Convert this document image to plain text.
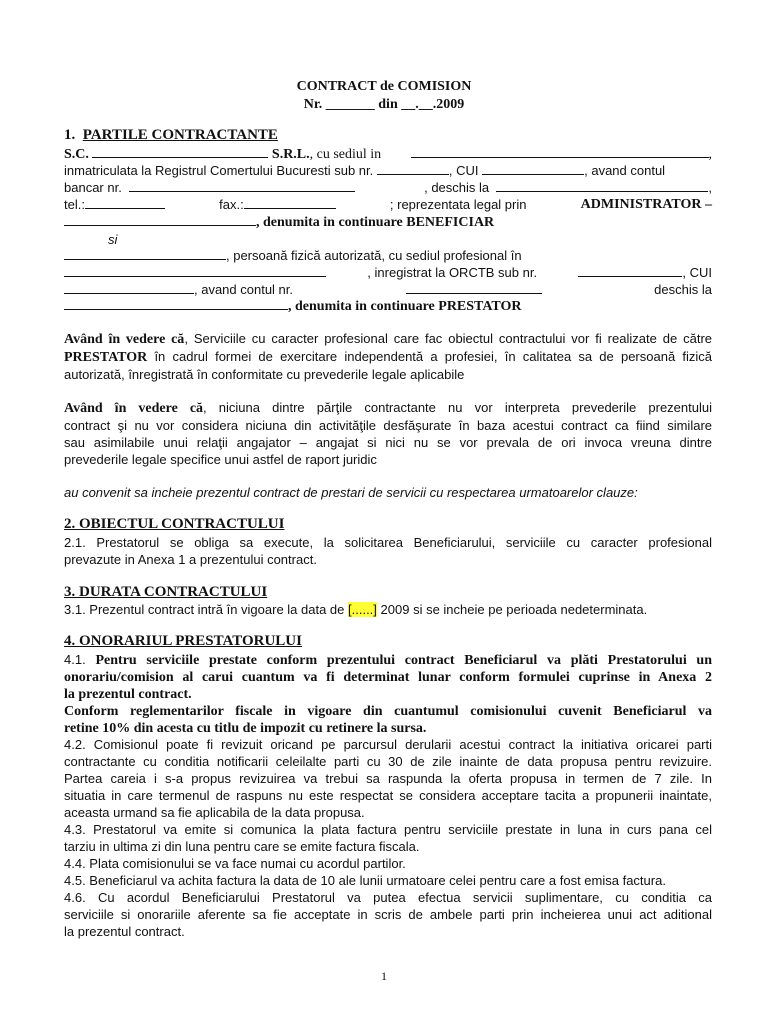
CONTRACT de COMISION
Nr. _______ din __.__.2009
1. PARTILE CONTRACTANTE
S.C.	S.R.L., cu sediul in	,
inmatriculata la Registrul Comertului Bucuresti sub nr.	, CUI	, avand contul
bancar nr.	, deschis la	,
tel.:	fax.:	; reprezentata legal prin	ADMINISTRATOR –
, denumita in continuare BENEFICIAR
si
, persoană fizică autorizată, cu sediul profesional în
, inregistrat la ORCTB sub nr.	, CUI
, avand contul nr.	deschis la
, denumita in continuare PRESTATOR
Având în vedere că, Serviciile cu caracter profesional care fac obiectul contractului vor fi realizate de către
PRESTATOR în cadrul formei de exercitare independentă a profesiei, în calitatea sa de persoană fizică
autorizată, înregistrată în conformitate cu prevederile legale aplicabile
Având în vedere că, niciuna dintre părţile contractante nu vor interpreta prevederile prezentului
contract şi nu vor considera niciuna din activităţile desfăşurate în baza acestui contract ca fiind similare
sau asimilabile unui relaţii angajator – angajat si nici nu se vor prevala de ori invoca vreuna dintre
prevederile legale specifice unui astfel de raport juridic
au convenit sa incheie prezentul contract de prestari de servicii cu respectarea urmatoarelor clauze:
2. OBIECTUL CONTRACTULUI
2.1. Prestatorul se obliga sa execute, la solicitarea Beneficiarului, serviciile cu caracter profesional
prevazute in Anexa 1 a prezentului contract.
3. DURATA CONTRACTULUI
3.1. Prezentul contract intră în vigoare la data de [......] 2009 si se incheie pe perioada nedeterminata.
4. ONORARIUL PRESTATORULUI
4.1. Pentru serviciile prestate conform prezentului contract Beneficiarul va plăti Prestatorului un
onorariu/comision al carui cuantum va fi determinat lunar conform formulei cuprinse in Anexa 2
la prezentul contract.
Conform reglementarilor fiscale in vigoare din cuantumul comisionului cuvenit Beneficiarul va
retine 10% din acesta cu titlu de impozit cu retinere la sursa.
4.2. Comisionul poate fi revizuit oricand pe parcursul derularii acestui contract la initiativa oricarei parti
contractante cu conditia notificarii celeilalte parti cu 30 de zile inainte de data propusa pentru revizuire.
Partea careia i s-a propus revizuirea va trebui sa raspunda la oferta propusa in termen de 7 zile. In
situatia in care termenul de raspuns nu este respectat se considera acceptare tacita a propunerii inaintate,
aceasta urmand sa fie aplicabila de la data propusa.
4.3. Prestatorul va emite si comunica la plata factura pentru serviciile prestate in luna in curs pana cel
tarziu in ultima zi din luna pentru care se emite factura fiscala.
4.4. Plata comisionului se va face numai cu acordul partilor.
4.5. Beneficiarul va achita factura la data de 10 ale lunii urmatoare celei pentru care a fost emisa factura.
4.6. Cu acordul Beneficiarului Prestatorul va putea efectua servicii suplimentare, cu conditia ca
serviciile si onorariile aferente sa fie acceptate in scris de ambele parti prin incheierea unui act aditional
la prezentul contract.
1
